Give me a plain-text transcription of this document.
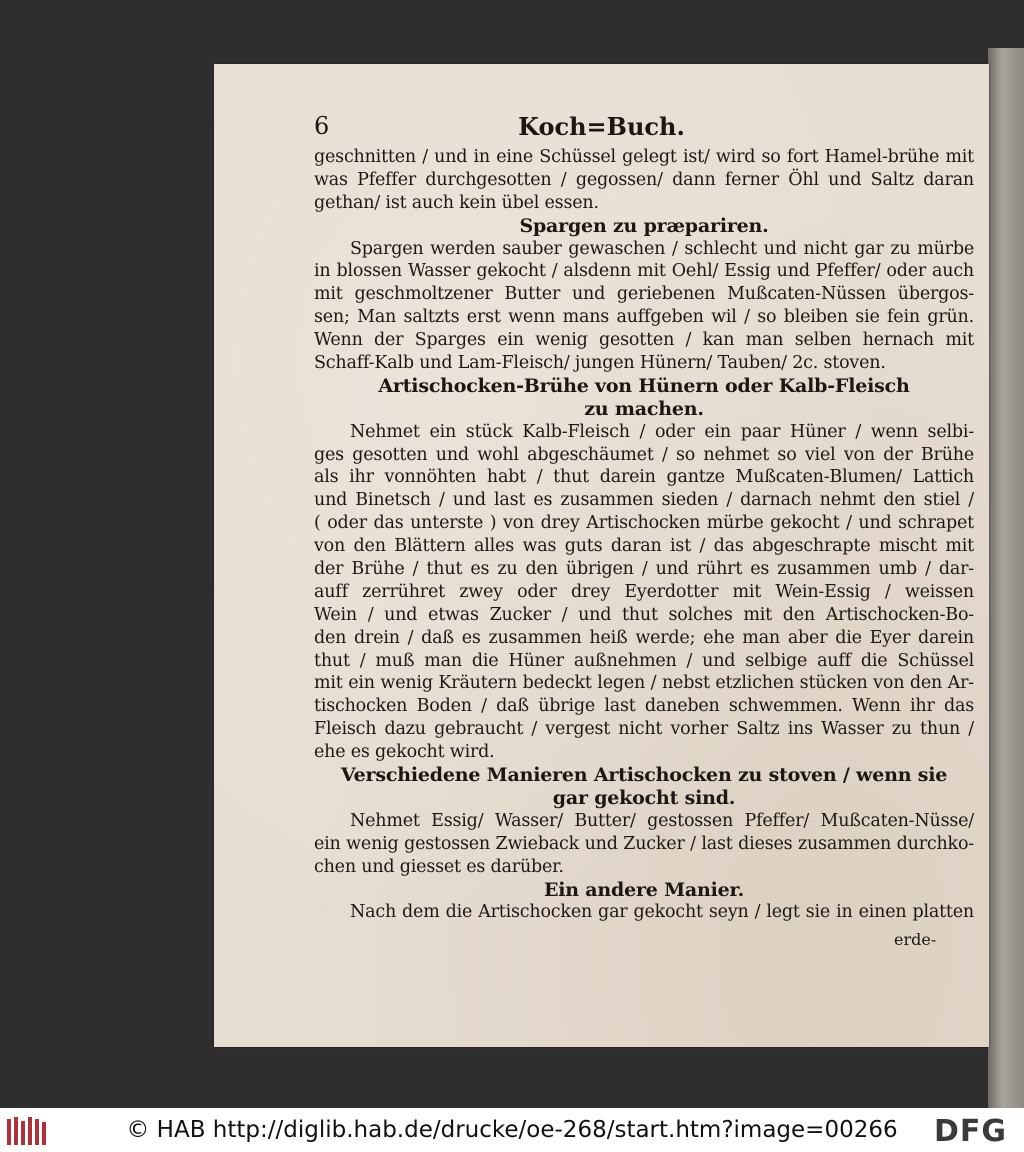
6	Koch=Buch.
geschnitten / und in eine Schüssel gelegt ist/ wird so fort Hamel-brühe mit
was Pfeffer durchgesotten / gegossen/ dann ferner Öhl und Saltz daran
gethan/ ist auch kein übel essen.
Spargen zu præpariren.
Spargen werden sauber gewaschen / schlecht und nicht gar zu mürbe
in blossen Wasser gekocht / alsdenn mit Oehl/ Essig und Pfeffer/ oder auch
mit geschmoltzener Butter und geriebenen Mußcaten-Nüssen übergos-
sen; Man saltzts erst wenn mans auffgeben wil / so bleiben sie fein grün.
Wenn der Sparges ein wenig gesotten / kan man selben hernach mit
Schaff-Kalb und Lam-Fleisch/ jungen Hünern/ Tauben/ 2c. stoven.
Artischocken-Brühe von Hünern oder Kalb-Fleisch
zu machen.
Nehmet ein stück Kalb-Fleisch / oder ein paar Hüner / wenn selbi-
ges gesotten und wohl abgeschäumet / so nehmet so viel von der Brühe
als ihr vonnöhten habt / thut darein gantze Mußcaten-Blumen/ Lattich
und Binetsch / und last es zusammen sieden / darnach nehmt den stiel /
( oder das unterste ) von drey Artischocken mürbe gekocht / und schrapet
von den Blättern alles was guts daran ist / das abgeschrapte mischt mit
der Brühe / thut es zu den übrigen / und rührt es zusammen umb / dar-
auff zerrühret zwey oder drey Eyerdotter mit Wein-Essig / weissen
Wein / und etwas Zucker / und thut solches mit den Artischocken-Bo-
den drein / daß es zusammen heiß werde; ehe man aber die Eyer darein
thut / muß man die Hüner außnehmen / und selbige auff die Schüssel
mit ein wenig Kräutern bedeckt legen / nebst etzlichen stücken von den Ar-
tischocken Boden / daß übrige last daneben schwemmen. Wenn ihr das
Fleisch dazu gebraucht / vergest nicht vorher Saltz ins Wasser zu thun /
ehe es gekocht wird.
Verschiedene Manieren Artischocken zu stoven / wenn sie
gar gekocht sind.
Nehmet Essig/ Wasser/ Butter/ gestossen Pfeffer/ Mußcaten-Nüsse/
ein wenig gestossen Zwieback und Zucker / last dieses zusammen durchko-
chen und giesset es darüber.
Ein andere Manier.
Nach dem die Artischocken gar gekocht seyn / legt sie in einen platten
erde-
© HAB http://diglib.hab.de/drucke/oe-268/start.htm?image=00266	DFG
